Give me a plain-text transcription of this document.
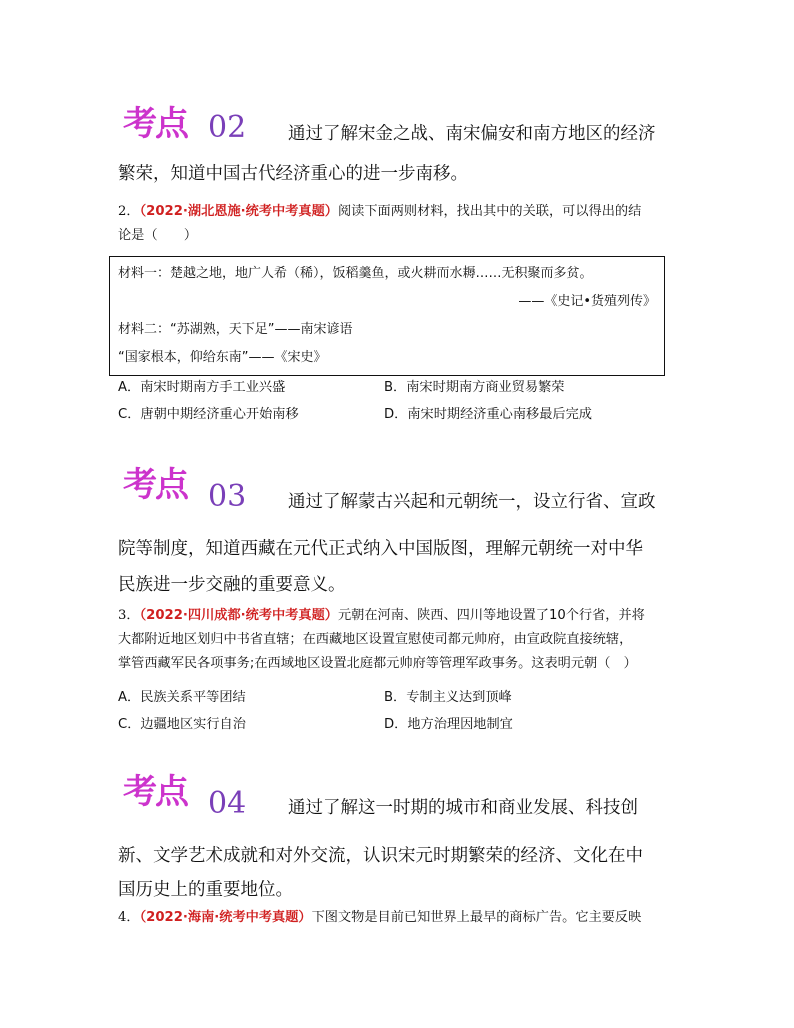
考点 02	通过了解宋金之战、南宋偏安和南方地区的经济
繁荣，知道中国古代经济重心的进一步南移。
2．（2022·湖北恩施·统考中考真题）阅读下面两则材料，找出其中的关联，可以得出的结
论是（　　）
材料一：楚越之地，地广人希（稀），饭稻羹鱼，或火耕而水耨……无积聚而多贫。
——《史记•货殖列传》
材料二：“苏湖熟，天下足”——南宋谚语
“国家根本，仰给东南”——《宋史》
A．南宋时期南方手工业兴盛	B．南宋时期南方商业贸易繁荣
C．唐朝中期经济重心开始南移	D．南宋时期经济重心南移最后完成
考点 03	通过了解蒙古兴起和元朝统一，设立行省、宣政
院等制度，知道西藏在元代正式纳入中国版图，理解元朝统一对中华
民族进一步交融的重要意义。
3．（2022·四川成都·统考中考真题）元朝在河南、陕西、四川等地设置了10个行省，并将
大都附近地区划归中书省直辖；在西藏地区设置宣慰使司都元帅府，由宣政院直接统辖，
掌管西藏军民各项事务;在西域地区设置北庭都元帅府等管理军政事务。这表明元朝（　）
A．民族关系平等团结	B．专制主义达到顶峰
C．边疆地区实行自治	D．地方治理因地制宜
考点 04	通过了解这一时期的城市和商业发展、科技创
新、文学艺术成就和对外交流，认识宋元时期繁荣的经济、文化在中
国历史上的重要地位。
4．（2022·海南·统考中考真题）下图文物是目前已知世界上最早的商标广告。它主要反映
